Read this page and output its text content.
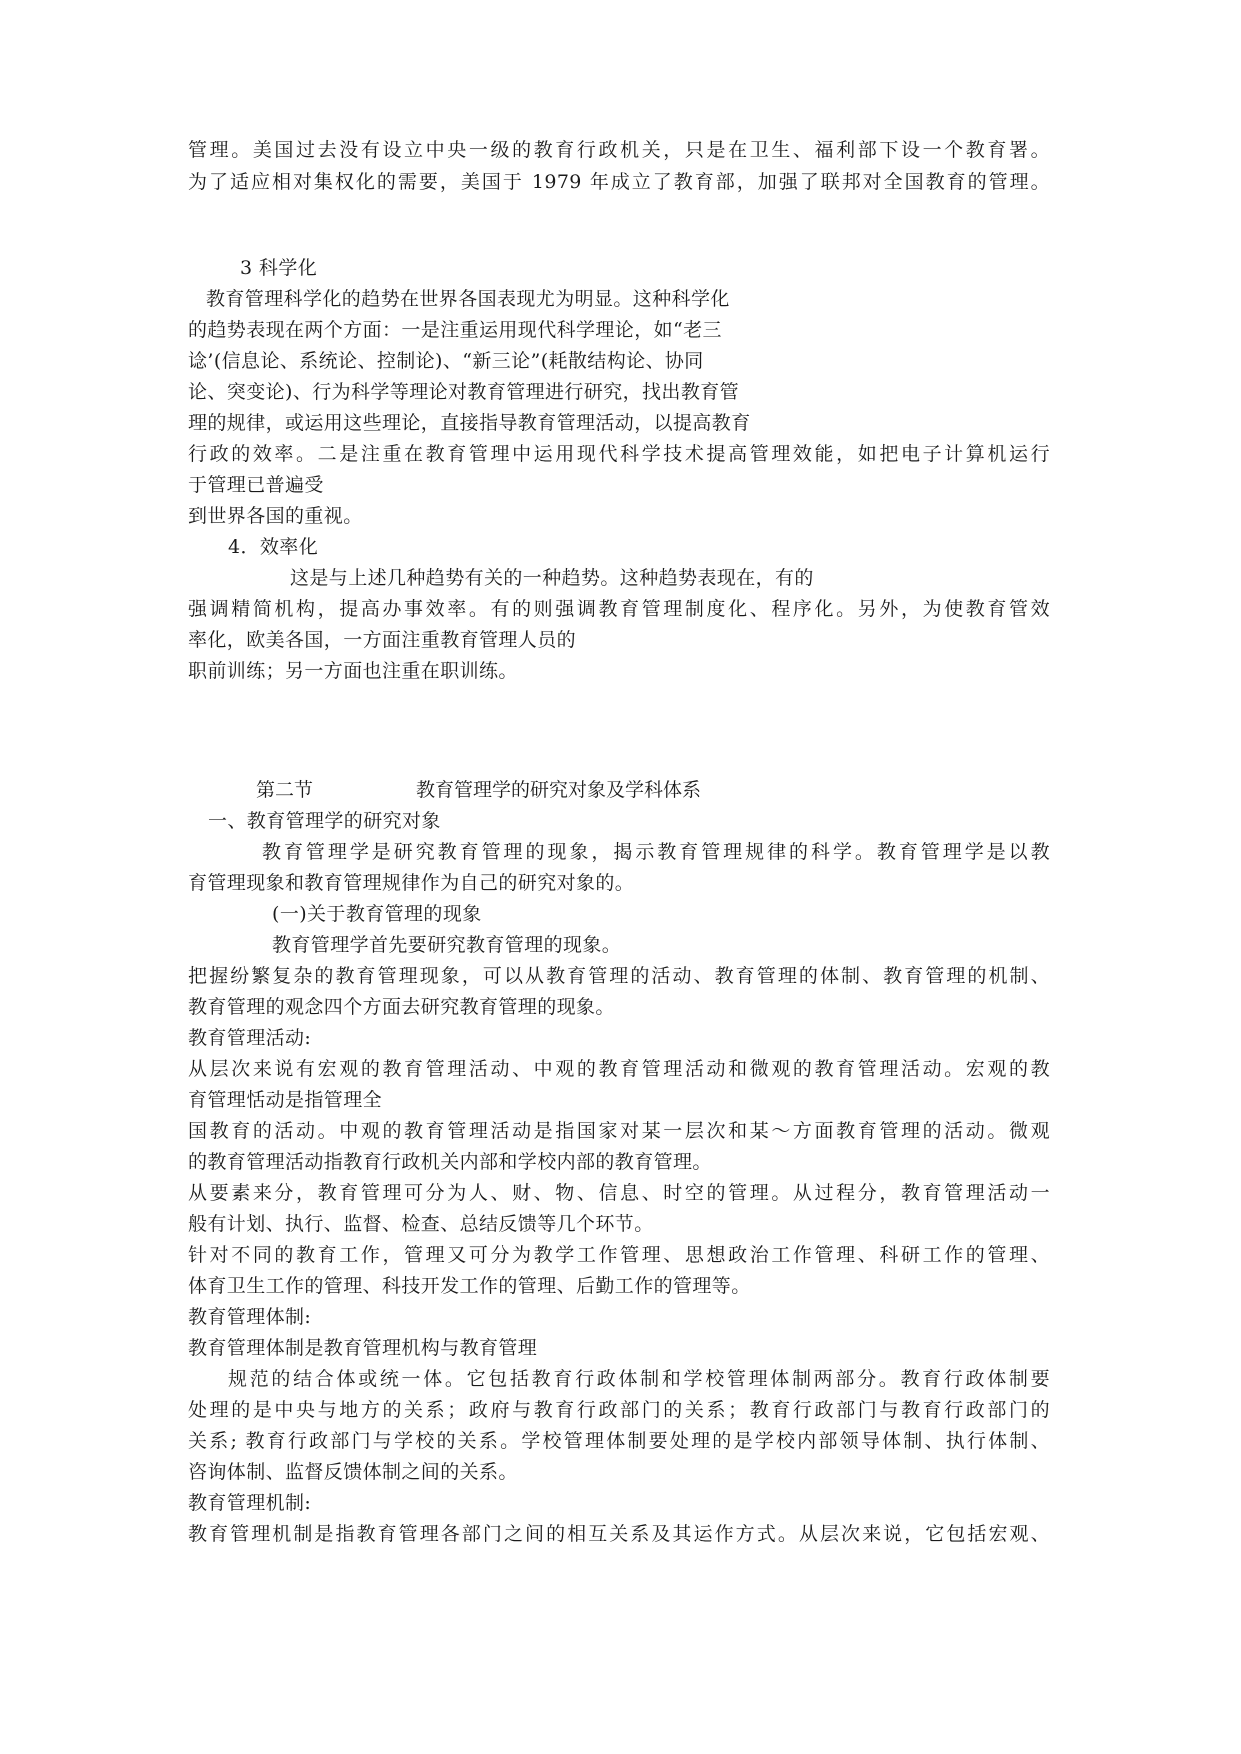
管理。美国过去没有设立中央一级的教育行政机关，只是在卫生、福利部下设一个教育署。
为了适应相对集权化的需要，美国于 1979 年成立了教育部，加强了联邦对全国教育的管理。
3 科学化
教育管理科学化的趋势在世界各国表现尤为明显。这种科学化
的趋势表现在两个方面：一是注重运用现代科学理论，如“老三
谂’(信息论、系统论、控制论)、“新三论”(耗散结构论、协同
论、突变论)、行为科学等理论对教育管理进行研究，找出教育管
理的规律，或运用这些理论，直接指导教育管理活动，以提高教育
行政的效率。二是注重在教育管理中运用现代科学技术提高管理效能，如把电子计算机运行
于管理已普遍受
到世界各国的重视。
4．效率化
这是与上述几种趋势有关的一种趋势。这种趋势表现在，有的
强调精简机构，提高办事效率。有的则强调教育管理制度化、程序化。另外，为使教育管效
率化，欧美各国，一方面注重教育管理人员的
职前训练；另一方面也注重在职训练。
第二节	教育管理学的研究对象及学科体系
一、教育管理学的研究对象
教育管理学是研究教育管理的现象，揭示教育管理规律的科学。教育管理学是以教
育管理现象和教育管理规律作为自己的研究对象的。
(一)关于教育管理的现象
教育管理学首先要研究教育管理的现象。
把握纷繁复杂的教育管理现象，可以从教育管理的活动、教育管理的体制、教育管理的机制、
教育管理的观念四个方面去研究教育管理的现象。
教育管理活动:
从层次来说有宏观的教育管理活动、中观的教育管理活动和微观的教育管理活动。宏观的教
育管理恬动是指管理全
国教育的活动。中观的教育管理活动是指国家对某一层次和某～方面教育管理的活动。微观
的教育管理活动指教育行政机关内部和学校内部的教育管理。
从要素来分，教育管理可分为人、财、物、信息、时空的管理。从过程分，教育管理活动一
般有计划、执行、监督、检查、总结反馈等几个环节。
针对不同的教育工作，管理又可分为教学工作管理、思想政治工作管理、科研工作的管理、
体育卫生工作的管理、科技开发工作的管理、后勤工作的管理等。
教育管理体制:
教育管理体制是教育管理机构与教育管理
规范的结合体或统一体。它包括教育行政体制和学校管理体制两部分。教育行政体制要
处理的是中央与地方的关系；政府与教育行政部门的关系；教育行政部门与教育行政部门的
关系; 教育行政部门与学校的关系。学校管理体制要处理的是学校内部领导体制、执行体制、
咨询体制、监督反馈体制之间的关系。
教育管理机制:
教育管理机制是指教育管理各部门之间的相互关系及其运作方式。从层次来说，它包括宏观、
